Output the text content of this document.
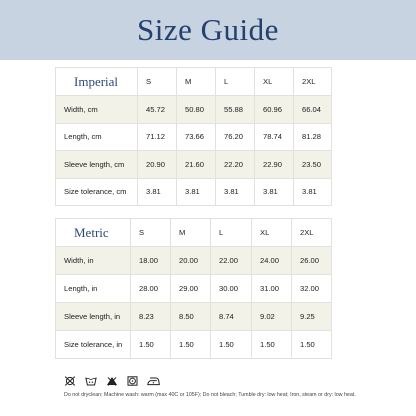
Size Guide
Imperial	S	M	L	XL	2XL
Width, cm	45.72	50.80	55.88	60.96	66.04
Length, cm	71.12	73.66	76.20	78.74	81.28
Sleeve length, cm	20.90	21.60	22.20	22.90	23.50
Size tolerance, cm	3.81	3.81	3.81	3.81	3.81
Metric	S	M	L	XL	2XL
Width, in	18.00	20.00	22.00	24.00	26.00
Length, in	28.00	29.00	30.00	31.00	32.00
Sleeve length, in	8.23	8.50	8.74	9.02	9.25
Size tolerance, in	1.50	1.50	1.50	1.50	1.50
Do not dryclean; Machine wash: warm (max 40C or 105F); Do not bleach; Tumble dry: low heat; Iron, steam or dry: low heat.
